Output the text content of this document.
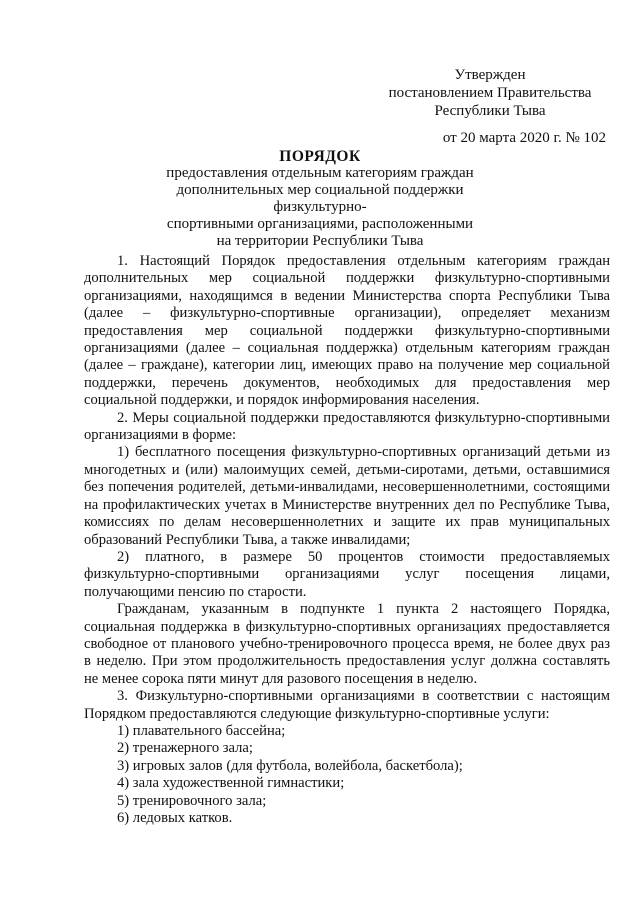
Утвержден
постановлением Правительства
Республики Тыва
от 20 марта 2020 г. № 102
ПОРЯДОК
предоставления отдельным категориям граждан
дополнительных мер социальной поддержки физкультурно-
спортивными организациями, расположенными
на территории Республики Тыва

1. Настоящий Порядок предоставления отдельным категориям граждан дополнительных мер социальной поддержки физкультурно-спортивными организациями, находящимся в ведении Министерства спорта Республики Тыва (далее – физкультурно-спортивные организации), определяет механизм предоставления мер социальной поддержки физкультурно-спортивными организациями (далее – социальная поддержка) отдельным категориям граждан (далее – граждане), категории лиц, имеющих право на получение мер социальной поддержки, перечень документов, необходимых для предоставления мер социальной поддержки, и порядок информирования населения.

2. Меры социальной поддержки предоставляются физкультурно-спортивными организациями в форме:

1) бесплатного посещения физкультурно-спортивных организаций детьми из многодетных и (или) малоимущих семей, детьми-сиротами, детьми, оставшимися без попечения родителей, детьми-инвалидами, несовершеннолетними, состоящими на профилактических учетах в Министерстве внутренних дел по Республике Тыва, комиссиях по делам несовершеннолетних и защите их прав муниципальных образований Республики Тыва, а также инвалидами;

2) платного, в размере 50 процентов стоимости предоставляемых физкультурно-спортивными организациями услуг посещения лицами, получающими пенсию по старости.

Гражданам, указанным в подпункте 1 пункта 2 настоящего Порядка, социальная поддержка в физкультурно-спортивных организациях предоставляется свободное от планового учебно-тренировочного процесса время, не более двух раз в неделю. При этом продолжительность предоставления услуг должна составлять не менее сорока пяти минут для разового посещения в неделю.

3. Физкультурно-спортивными организациями в соответствии с настоящим Порядком предоставляются следующие физкультурно-спортивные услуги:

1) плавательного бассейна;

2) тренажерного зала;

3) игровых залов (для футбола, волейбола, баскетбола);

4) зала художественной гимнастики;

5) тренировочного зала;

6) ледовых катков.
